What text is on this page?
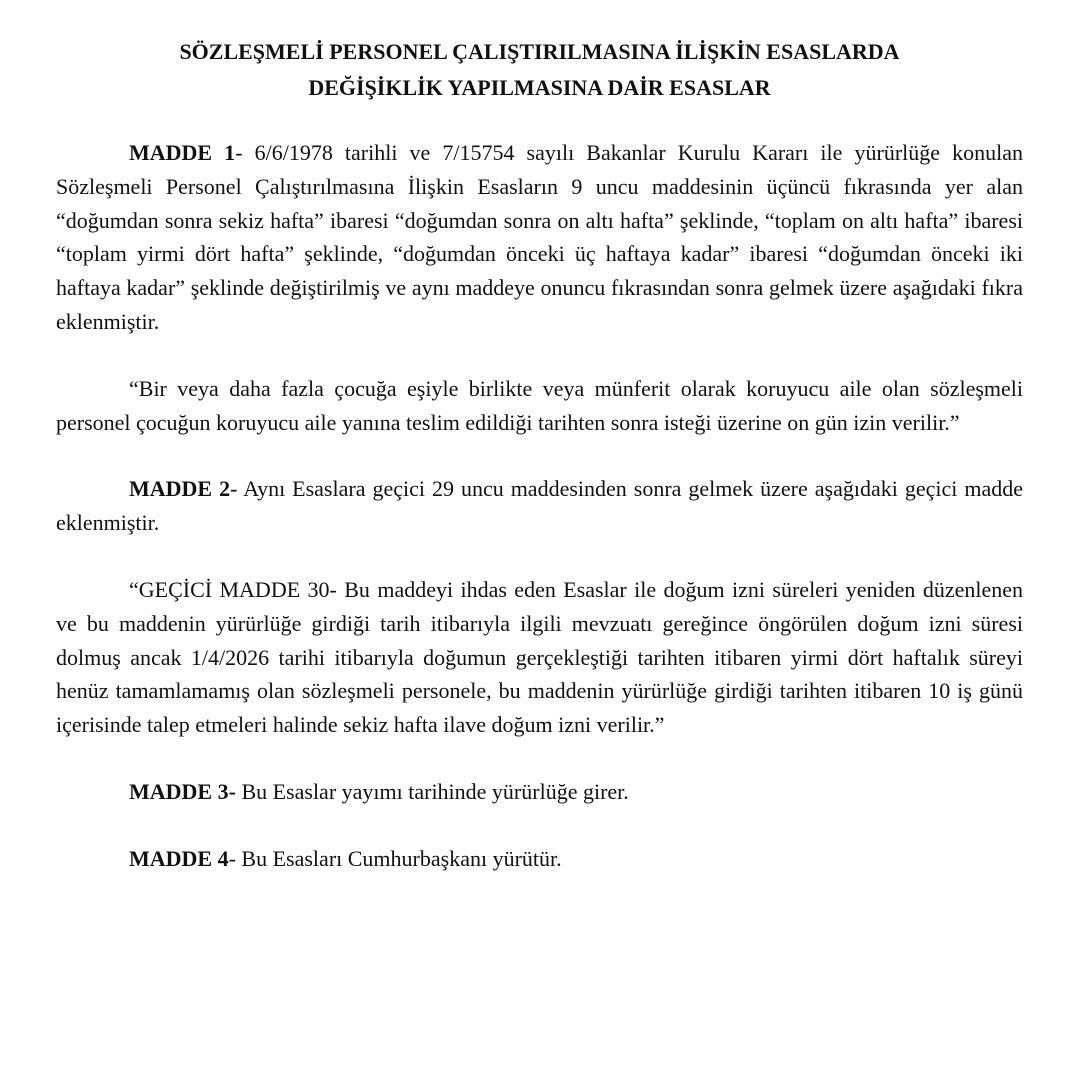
SÖZLEŞMELİ PERSONEL ÇALIŞTIRILMASINA İLİŞKİN ESASLARDA
DEĞİŞİKLİK YAPILMASINA DAİR ESASLAR

MADDE 1- 6/6/1978 tarihli ve 7/15754 sayılı Bakanlar Kurulu Kararı ile yürürlüğe konulan Sözleşmeli Personel Çalıştırılmasına İlişkin Esasların 9 uncu maddesinin üçüncü fıkrasında yer alan “doğumdan sonra sekiz hafta” ibaresi “doğumdan sonra on altı hafta” şeklinde, “toplam on altı hafta” ibaresi “toplam yirmi dört hafta” şeklinde, “doğumdan önceki üç haftaya kadar” ibaresi “doğumdan önceki iki haftaya kadar” şeklinde değiştirilmiş ve aynı maddeye onuncu fıkrasından sonra gelmek üzere aşağıdaki fıkra eklenmiştir.

“Bir veya daha fazla çocuğa eşiyle birlikte veya münferit olarak koruyucu aile olan sözleşmeli personel çocuğun koruyucu aile yanına teslim edildiği tarihten sonra isteği üzerine on gün izin verilir.”

MADDE 2- Aynı Esaslara geçici 29 uncu maddesinden sonra gelmek üzere aşağıdaki geçici madde eklenmiştir.

“GEÇİCİ MADDE 30- Bu maddeyi ihdas eden Esaslar ile doğum izni süreleri yeniden düzenlenen ve bu maddenin yürürlüğe girdiği tarih itibarıyla ilgili mevzuatı gereğince öngörülen doğum izni süresi dolmuş ancak 1/4/2026 tarihi itibarıyla doğumun gerçekleştiği tarihten itibaren yirmi dört haftalık süreyi henüz tamamlamamış olan sözleşmeli personele, bu maddenin yürürlüğe girdiği tarihten itibaren 10 iş günü içerisinde talep etmeleri halinde sekiz hafta ilave doğum izni verilir.”

MADDE 3- Bu Esaslar yayımı tarihinde yürürlüğe girer.

MADDE 4- Bu Esasları Cumhurbaşkanı yürütür.
